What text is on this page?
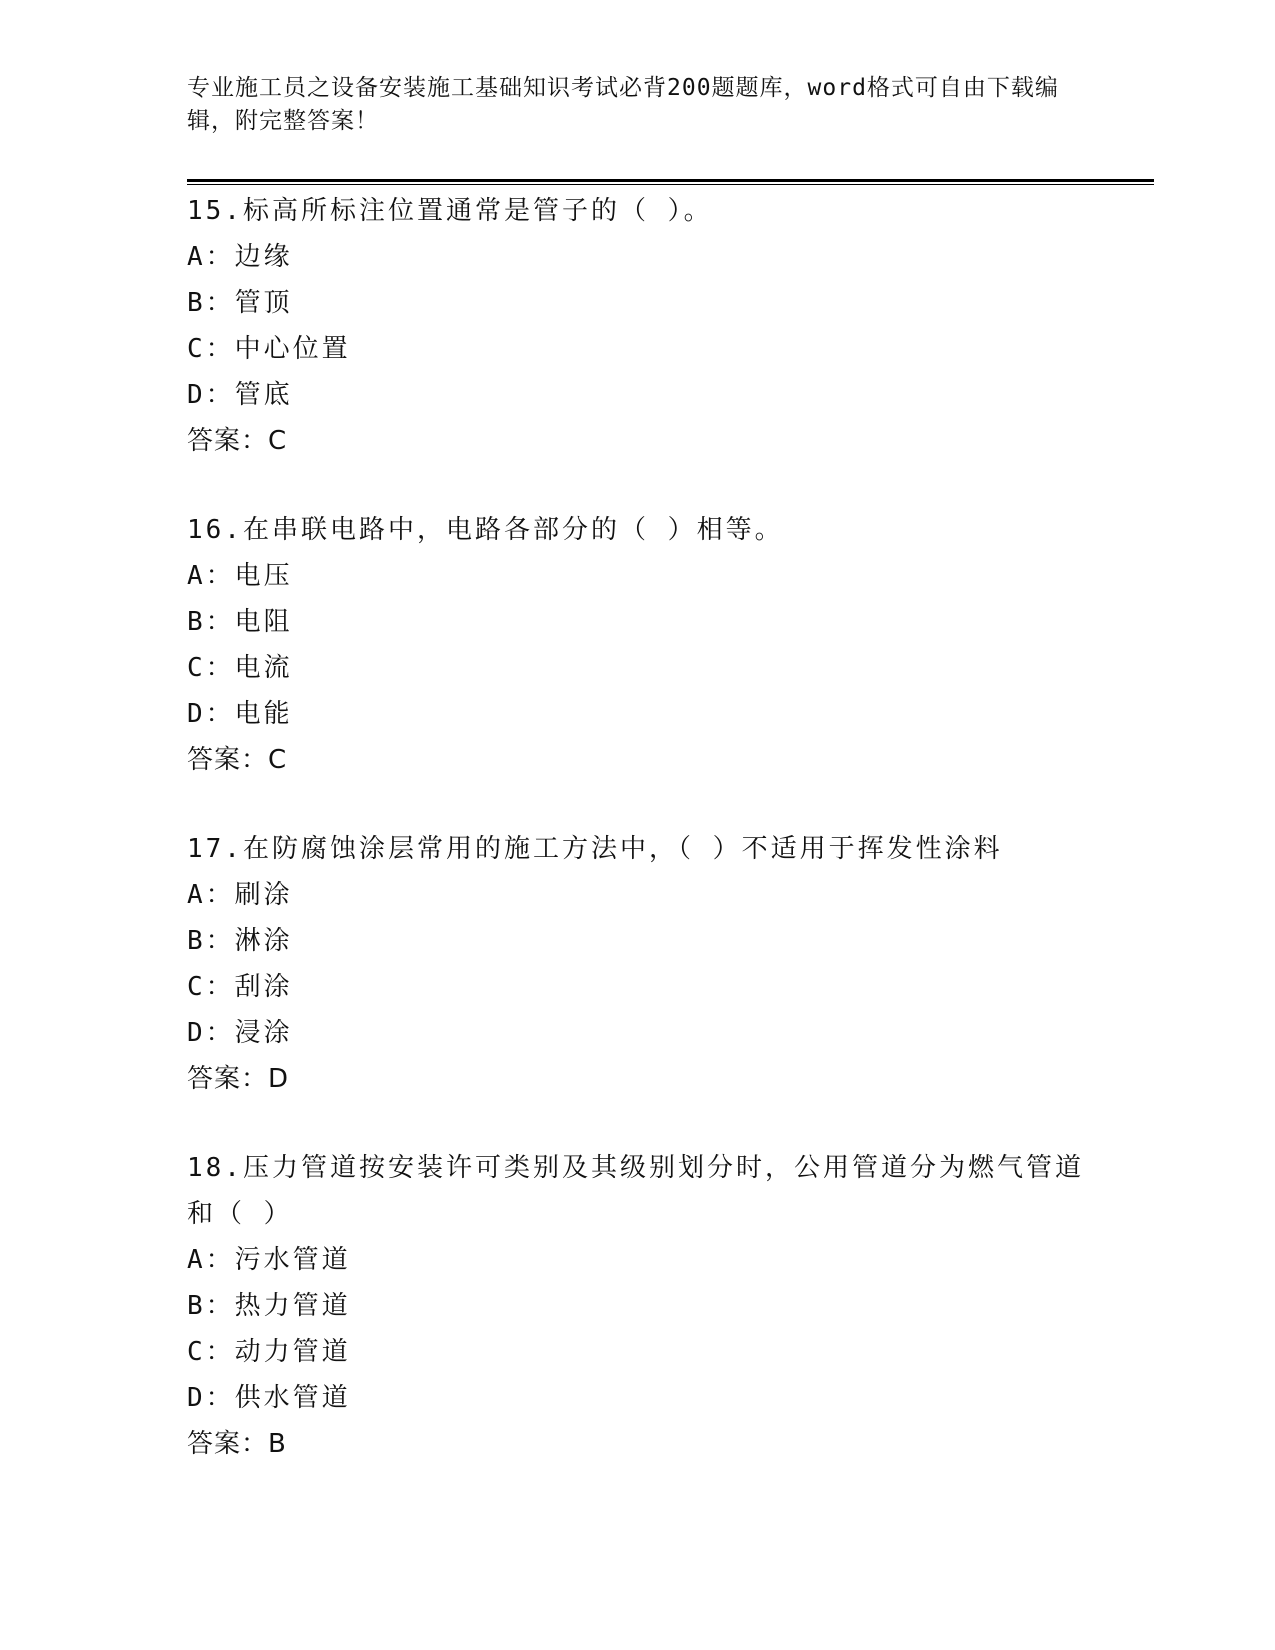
专业施工员之设备安装施工基础知识考试必背200题题库，word格式可自由下载编辑，附完整答案！
15.标高所标注位置通常是管子的（ ）。
A：边缘
B：管顶
C：中心位置
D：管底
答案：C
16.在串联电路中，电路各部分的（ ）相等。
A：电压
B：电阻
C：电流
D：电能
答案：C
17.在防腐蚀涂层常用的施工方法中，（ ）不适用于挥发性涂料
A：刷涂
B：淋涂
C：刮涂
D：浸涂
答案：D
18.压力管道按安装许可类别及其级别划分时，公用管道分为燃气管道和（ ）
A：污水管道
B：热力管道
C：动力管道
D：供水管道
答案：B
